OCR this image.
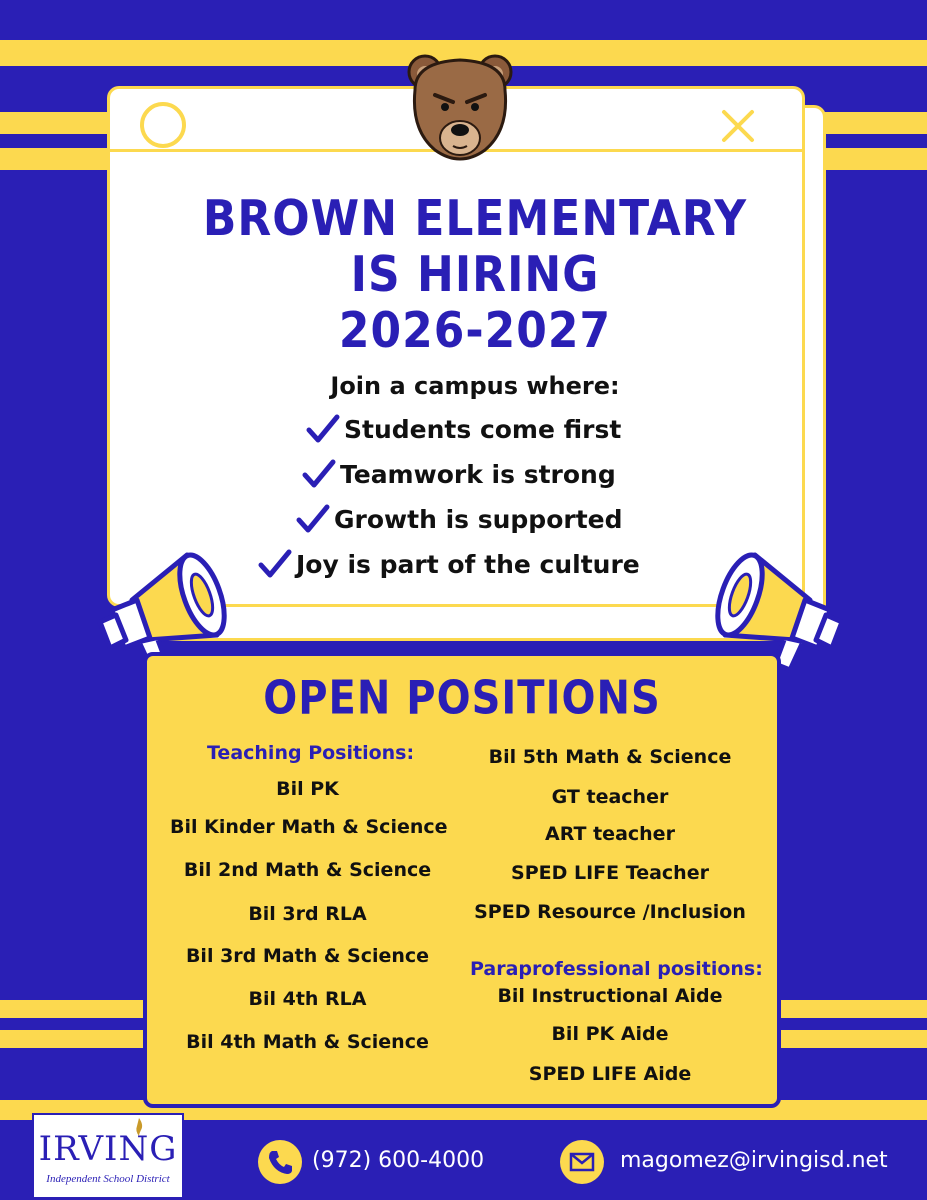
BROWN ELEMENTARY
IS HIRING
2026-2027
Join a campus where:
Students come first
Teamwork is strong
Growth is supported
Joy is part of the culture
OPEN POSITIONS
Teaching Positions:
Bil PK
Bil Kinder Math & Science
Bil 2nd Math & Science
Bil 3rd RLA
Bil 3rd Math & Science
Bil 4th RLA
Bil 4th Math & Science
Bil 5th Math & Science
GT teacher
ART teacher
SPED LIFE Teacher
SPED Resource /Inclusion
Paraprofessional positions:
Bil Instructional Aide
Bil PK Aide
SPED LIFE Aide
IRVING
Independent School District
(972) 600-4000	magomez@irvingisd.net
